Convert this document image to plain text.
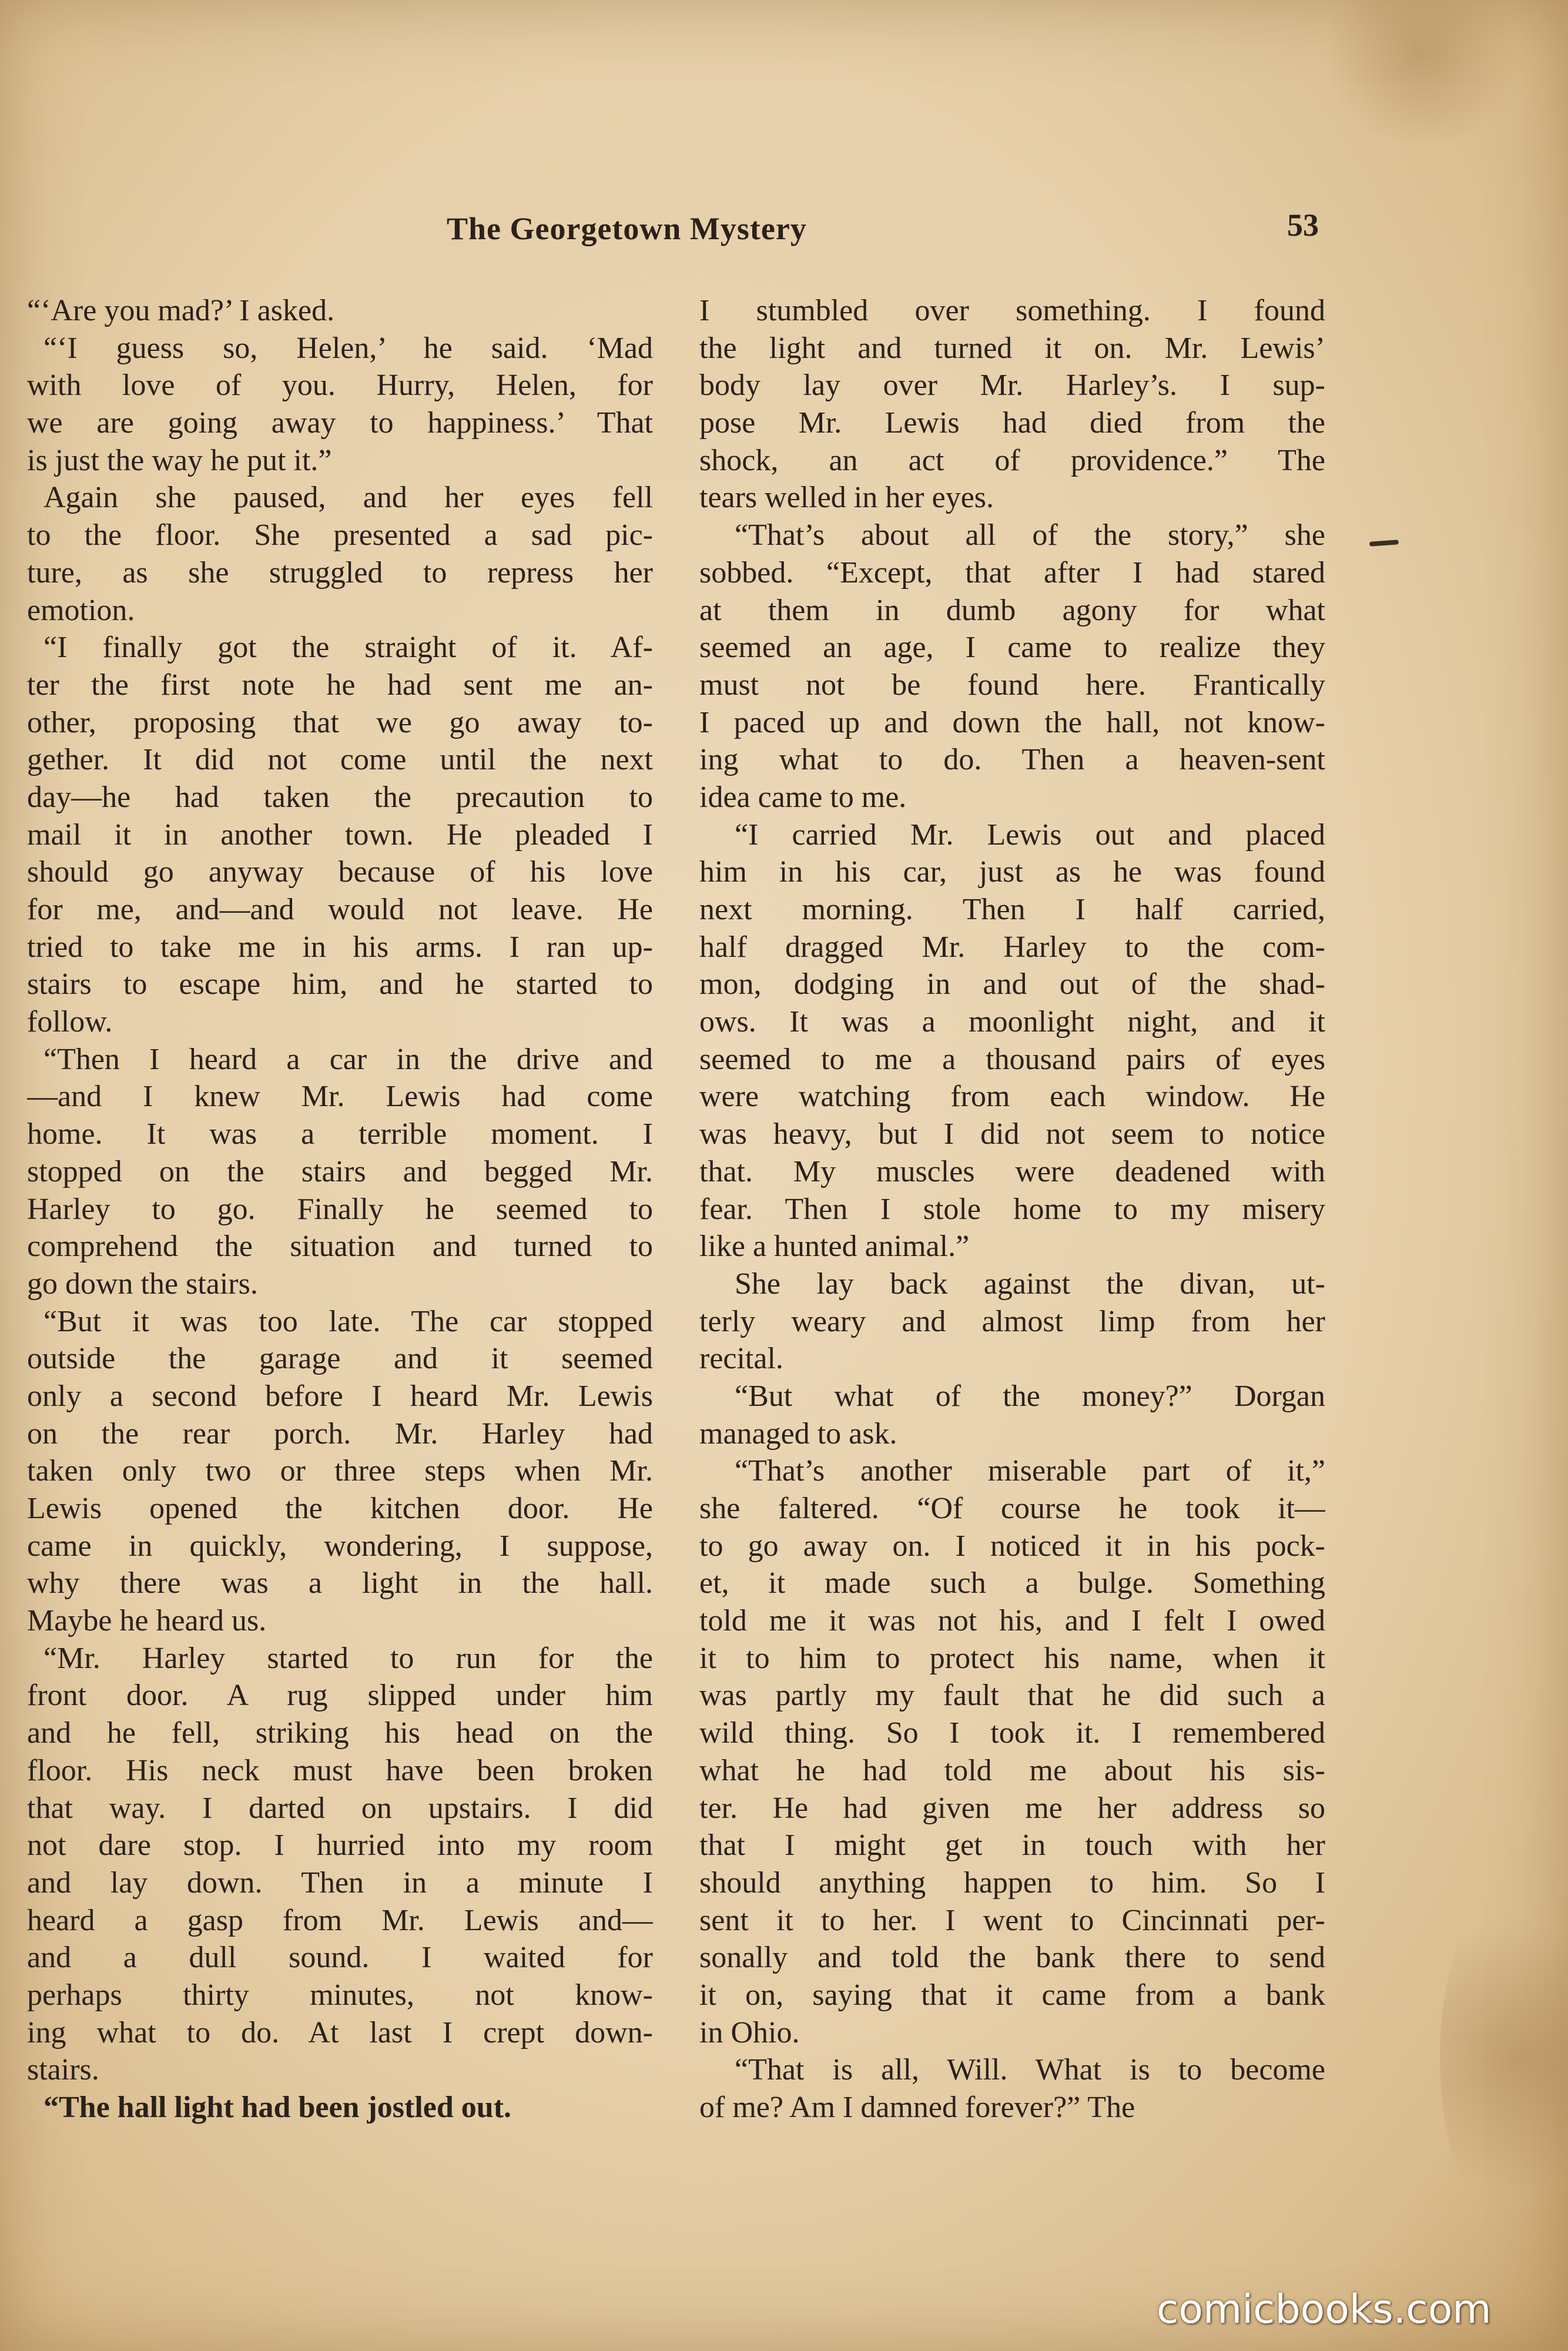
The Georgetown Mystery	53
“‘Are you mad?’ I asked.
“‘I guess so, Helen,’ he said. ‘Mad
with love of you. Hurry, Helen, for
we are going away to happiness.’ That
is just the way he put it.”
Again she paused, and her eyes fell
to the floor. She presented a sad pic-
ture, as she struggled to repress her
emotion.
“I finally got the straight of it. Af-
ter the first note he had sent me an-
other, proposing that we go away to-
gether. It did not come until the next
day—he had taken the precaution to
mail it in another town. He pleaded I
should go anyway because of his love
for me, and—and would not leave. He
tried to take me in his arms. I ran up-
stairs to escape him, and he started to
follow.
“Then I heard a car in the drive and
—and I knew Mr. Lewis had come
home. It was a terrible moment. I
stopped on the stairs and begged Mr.
Harley to go. Finally he seemed to
comprehend the situation and turned to
go down the stairs.
“But it was too late. The car stopped
outside the garage and it seemed
only a second before I heard Mr. Lewis
on the rear porch. Mr. Harley had
taken only two or three steps when Mr.
Lewis opened the kitchen door. He
came in quickly, wondering, I suppose,
why there was a light in the hall.
Maybe he heard us.
“Mr. Harley started to run for the
front door. A rug slipped under him
and he fell, striking his head on the
floor. His neck must have been broken
that way. I darted on upstairs. I did
not dare stop. I hurried into my room
and lay down. Then in a minute I
heard a gasp from Mr. Lewis and—
and a dull sound. I waited for
perhaps thirty minutes, not know-
ing what to do. At last I crept down-
stairs.
“The hall light had been jostled out.
I stumbled over something. I found
the light and turned it on. Mr. Lewis’
body lay over Mr. Harley’s. I sup-
pose Mr. Lewis had died from the
shock, an act of providence.” The
tears welled in her eyes.
“That’s about all of the story,” she
sobbed. “Except, that after I had stared
at them in dumb agony for what
seemed an age, I came to realize they
must not be found here. Frantically
I paced up and down the hall, not know-
ing what to do. Then a heaven-sent
idea came to me.
“I carried Mr. Lewis out and placed
him in his car, just as he was found
next morning. Then I half carried,
half dragged Mr. Harley to the com-
mon, dodging in and out of the shad-
ows. It was a moonlight night, and it
seemed to me a thousand pairs of eyes
were watching from each window. He
was heavy, but I did not seem to notice
that. My muscles were deadened with
fear. Then I stole home to my misery
like a hunted animal.”
She lay back against the divan, ut-
terly weary and almost limp from her
recital.
“But what of the money?” Dorgan
managed to ask.
“That’s another miserable part of it,”
she faltered. “Of course he took it—
to go away on. I noticed it in his pock-
et, it made such a bulge. Something
told me it was not his, and I felt I owed
it to him to protect his name, when it
was partly my fault that he did such a
wild thing. So I took it. I remembered
what he had told me about his sis-
ter. He had given me her address so
that I might get in touch with her
should anything happen to him. So I
sent it to her. I went to Cincinnati per-
sonally and told the bank there to send
it on, saying that it came from a bank
in Ohio.
“That is all, Will. What is to become
of me? Am I damned forever?” The
comicbooks.com
